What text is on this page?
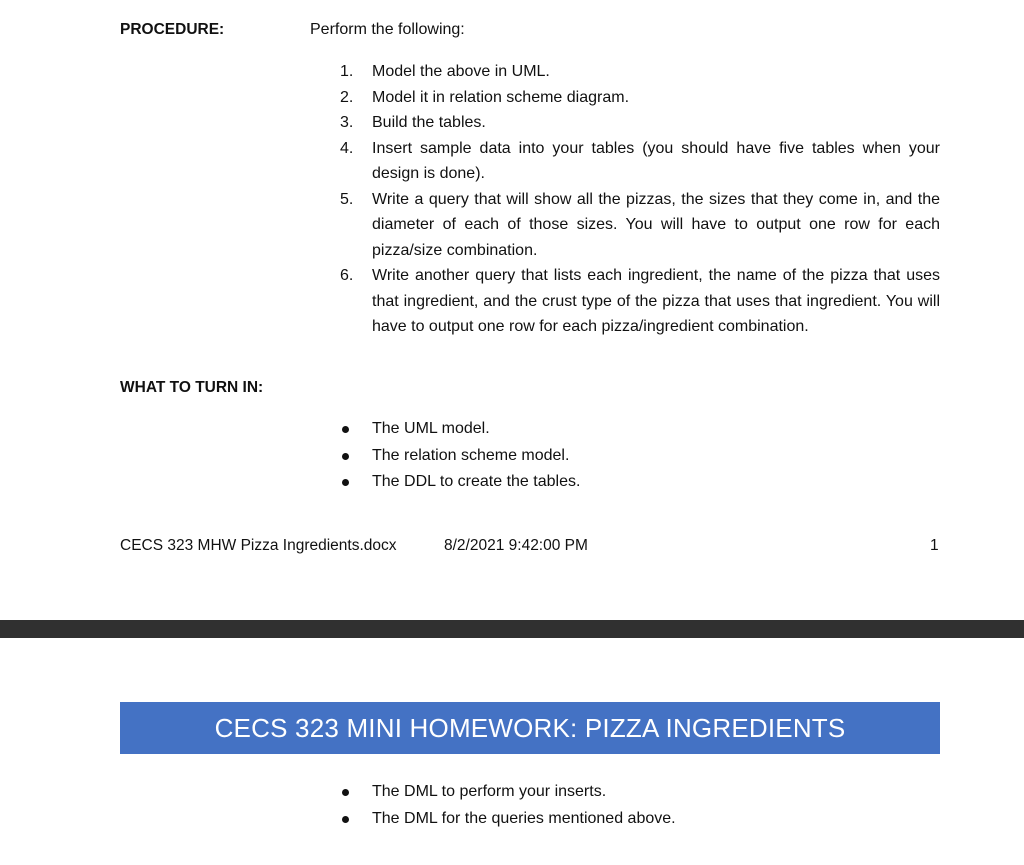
PROCEDURE:	Perform the following:
1. Model the above in UML.
2. Model it in relation scheme diagram.
3. Build the tables.
4. Insert sample data into your tables (you should have five tables when your design is done).
5. Write a query that will show all the pizzas, the sizes that they come in, and the diameter of each of those sizes. You will have to output one row for each pizza/size combination.
6. Write another query that lists each ingredient, the name of the pizza that uses that ingredient, and the crust type of the pizza that uses that ingredient. You will have to output one row for each pizza/ingredient combination.
WHAT TO TURN IN:
The UML model.
The relation scheme model.
The DDL to create the tables.
CECS 323 MHW Pizza Ingredients.docx	8/2/2021 9:42:00 PM	1
CECS 323 MINI HOMEWORK: PIZZA INGREDIENTS
The DML to perform your inserts.
The DML for the queries mentioned above.
